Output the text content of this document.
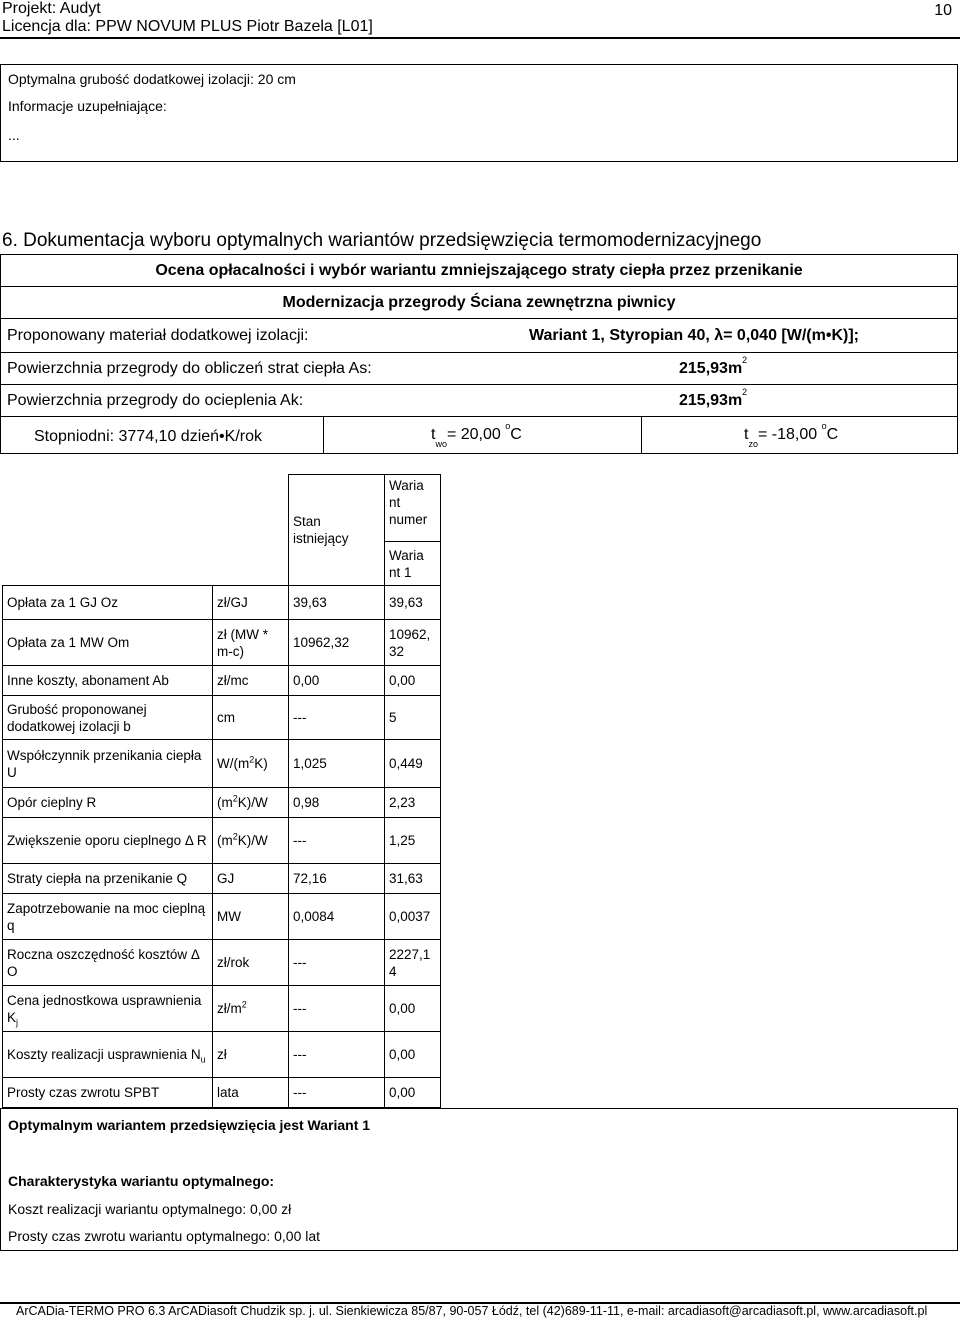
Projekt: Audyt
Licencja dla: PPW NOVUM PLUS Piotr Bazela [L01]
10
Optymalna grubość dodatkowej izolacji: 20 cm
Informacje uzupełniające:
...
6. Dokumentacja wyboru optymalnych wariantów przedsięwzięcia termomodernizacyjnego
Ocena opłacalności i wybór wariantu zmniejszającego straty ciepła przez przenikanie
Modernizacja przegrody Ściana zewnętrzna piwnicy
Proponowany materiał dodatkowej izolacji:	Wariant 1, Styropian 40, λ= 0,040 [W/(m•K)];
Powierzchnia przegrody do obliczeń strat ciepła As:	$215,93m^2$
Powierzchnia przegrody do ocieplenia Ak:	$215,93m^2$
Stopniodni: 3774,10 dzień•K/rok	$t_{wo}= 20,00$ $^o$C	$t_{zo}= -18,00$ $^o$C
		Stan istniejący	Waria nt numer
			Waria nt 1
Opłata za 1 GJ Oz	zł/GJ	39,63	39,63
Opłata za 1 MW Om	zł (MW * m-c)	10962,32	10962, 32
Inne koszty, abonament Ab	zł/mc	0,00	0,00
Grubość proponowanej dodatkowej izolacji b	cm	---	5
Współczynnik przenikania ciepła U	$W/(m^2K)$	1,025	0,449
Opór cieplny R	$(m^2K)/W$	0,98	2,23
Zwiększenie oporu cieplnego Δ R	$(m^2K)/W$	---	1,25
Straty ciepła na przenikanie Q	GJ	72,16	31,63
Zapotrzebowanie na moc cieplną q	MW	0,0084	0,0037
Roczna oszczędność kosztów Δ O	zł/rok	---	2227,1 4
Cena jednostkowa usprawnienia $K_j$	$zł/m^2$	---	0,00
Koszty realizacji usprawnienia $N_u$	zł	---	0,00
Prosty czas zwrotu SPBT	lata	---	0,00
Optymalnym wariantem przedsięwzięcia jest Wariant 1
Charakterystyka wariantu optymalnego:
Koszt realizacji wariantu optymalnego: 0,00 zł
Prosty czas zwrotu wariantu optymalnego: 0,00 lat
ArCADia-TERMO PRO 6.3 ArCADiasoft Chudzik sp. j. ul. Sienkiewicza 85/87, 90-057 Łódź, tel (42)689-11-11, e-mail: arcadiasoft@arcadiasoft.pl, www.arcadiasoft.pl
